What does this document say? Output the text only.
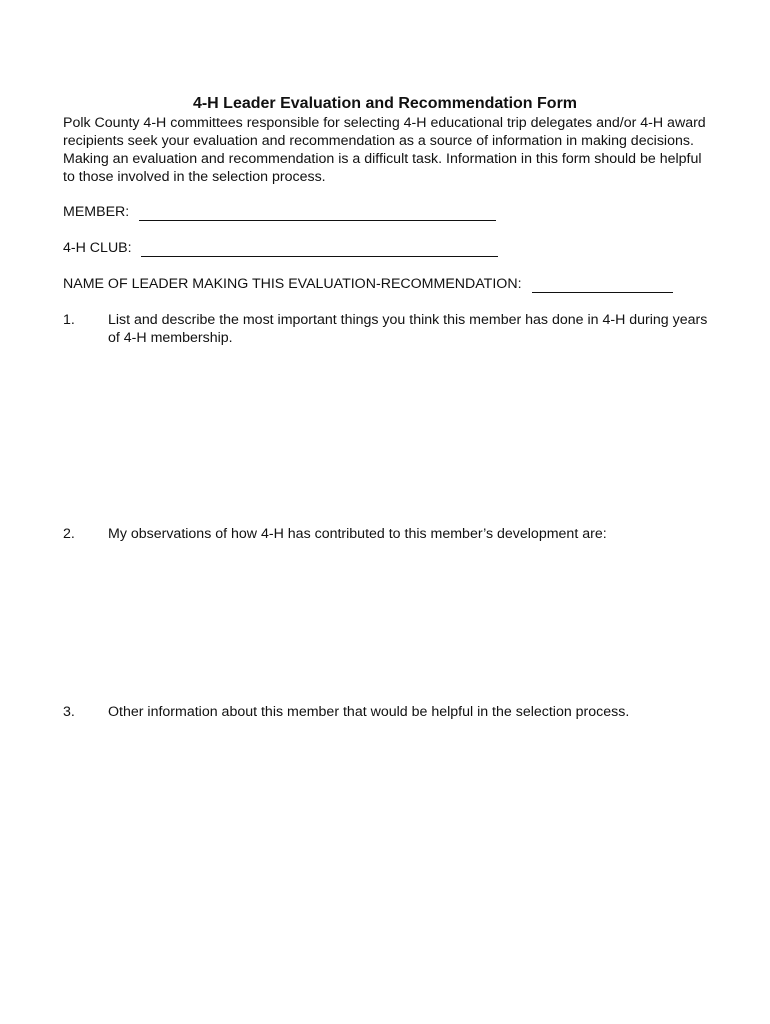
4-H Leader Evaluation and Recommendation Form
Polk County 4-H committees responsible for selecting 4-H educational trip delegates and/or 4-H award recipients seek your evaluation and recommendation as a source of information in making decisions. Making an evaluation and recommendation is a difficult task. Information in this form should be helpful to those involved in the selection process.
MEMBER:
4-H CLUB:
NAME OF LEADER MAKING THIS EVALUATION-RECOMMENDATION:
1. List and describe the most important things you think this member has done in 4-H during years of 4-H membership.
2. My observations of how 4-H has contributed to this member’s development are:
3. Other information about this member that would be helpful in the selection process.
